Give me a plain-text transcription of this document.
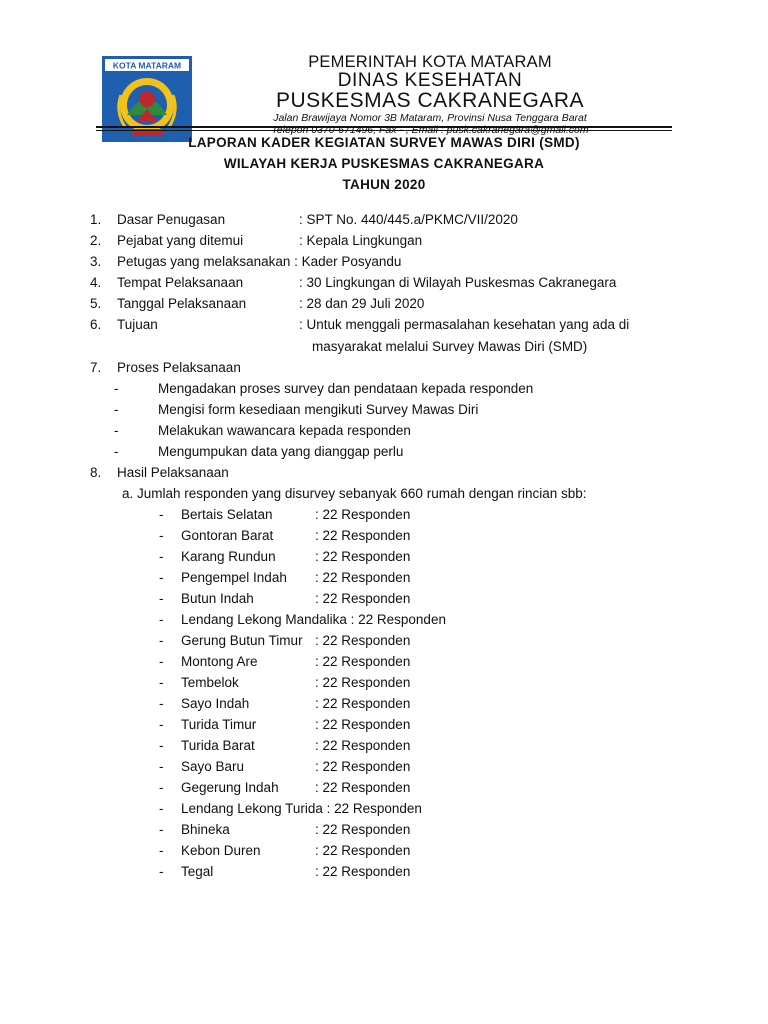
KOTA MATARAM	PEMERINTAH KOTA MATARAM
DINAS KESEHATAN
PUSKESMAS CAKRANEGARA
Jalan Brawijaya Nomor 3B Mataram, Provinsi Nusa Tenggara Barat
Telepon 0370-671496, Fax - , Email : pusk.cakranegara@gmail.com
LAPORAN KADER KEGIATAN SURVEY MAWAS DIRI (SMD)
WILAYAH KERJA PUSKESMAS CAKRANEGARA
TAHUN 2020
1. Dasar Penugasan	: SPT No. 440/445.a/PKMC/VII/2020
2. Pejabat yang ditemui	: Kepala Lingkungan
3. Petugas yang melaksanakan : Kader Posyandu
4. Tempat Pelaksanaan	: 30 Lingkungan di Wilayah Puskesmas Cakranegara
5. Tanggal Pelaksanaan	: 28 dan 29 Juli 2020
6. Tujuan	: Untuk menggali permasalahan kesehatan yang ada di
masyarakat melalui Survey Mawas Diri (SMD)
7. Proses Pelaksanaan
-	Mengadakan proses survey dan pendataan kepada responden
-	Mengisi form kesediaan mengikuti Survey Mawas Diri
-	Melakukan wawancara kepada responden
-	Mengumpukan data yang dianggap perlu
8. Hasil Pelaksanaan
a. Jumlah responden yang disurvey sebanyak 660 rumah dengan rincian sbb:
- Bertais Selatan	: 22 Responden
- Gontoran Barat	: 22 Responden
- Karang Rundun	: 22 Responden
- Pengempel Indah : 22 Responden
- Butun Indah	: 22 Responden
- Lendang Lekong Mandalika : 22 Responden
- Gerung Butun Timur : 22 Responden
- Montong Are	: 22 Responden
- Tembelok	: 22 Responden
- Sayo Indah	: 22 Responden
- Turida Timur	: 22 Responden
- Turida Barat	: 22 Responden
- Sayo Baru	: 22 Responden
- Gegerung Indah	: 22 Responden
- Lendang Lekong Turida : 22 Responden
- Bhineka	: 22 Responden
- Kebon Duren	: 22 Responden
- Tegal	: 22 Responden
